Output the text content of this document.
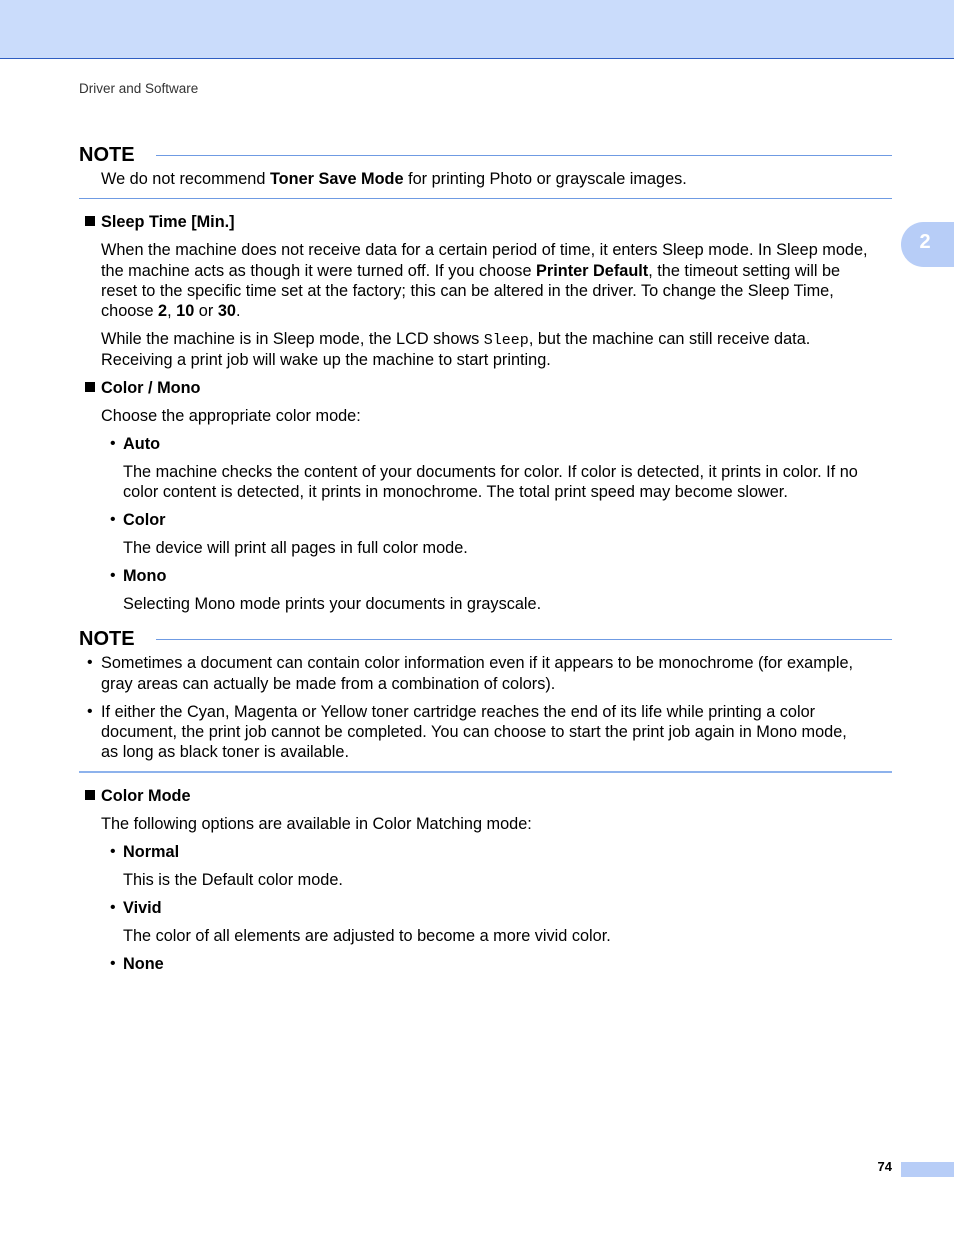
Driver and Software
2
NOTE
We do not recommend Toner Save Mode for printing Photo or grayscale images.
Sleep Time [Min.]
When the machine does not receive data for a certain period of time, it enters Sleep mode. In Sleep mode,
the machine acts as though it were turned off. If you choose Printer Default, the timeout setting will be
reset to the specific time set at the factory; this can be altered in the driver. To change the Sleep Time,
choose 2, 10 or 30.
While the machine is in Sleep mode, the LCD shows Sleep, but the machine can still receive data.
Receiving a print job will wake up the machine to start printing.
Color / Mono
Choose the appropriate color mode:
• Auto
The machine checks the content of your documents for color. If color is detected, it prints in color. If no
color content is detected, it prints in monochrome. The total print speed may become slower.
• Color
The device will print all pages in full color mode.
• Mono
Selecting Mono mode prints your documents in grayscale.
NOTE
• Sometimes a document can contain color information even if it appears to be monochrome (for example,
gray areas can actually be made from a combination of colors).
• If either the Cyan, Magenta or Yellow toner cartridge reaches the end of its life while printing a color
document, the print job cannot be completed. You can choose to start the print job again in Mono mode,
as long as black toner is available.
Color Mode
The following options are available in Color Matching mode:
• Normal
This is the Default color mode.
• Vivid
The color of all elements are adjusted to become a more vivid color.
• None
74
